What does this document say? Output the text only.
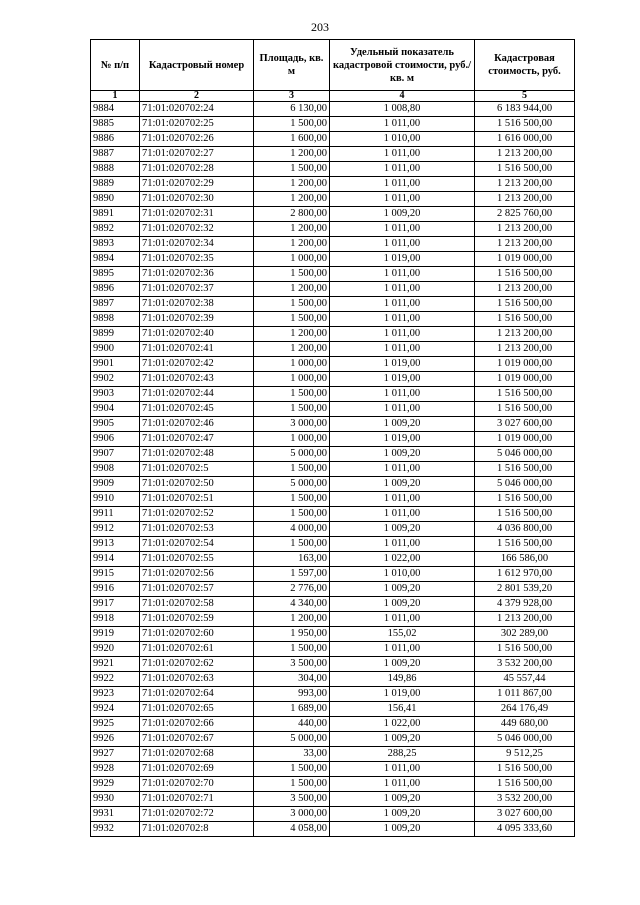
203
№ п/п	Кадастровый номер	Площадь, кв. м	Удельный показатель кадастровой стоимости, руб./кв. м	Кадастровая стоимость, руб.
1	2	3	4	5
9884	71:01:020702:24	6 130,00	1 008,80	6 183 944,00
9885	71:01:020702:25	1 500,00	1 011,00	1 516 500,00
9886	71:01:020702:26	1 600,00	1 010,00	1 616 000,00
9887	71:01:020702:27	1 200,00	1 011,00	1 213 200,00
9888	71:01:020702:28	1 500,00	1 011,00	1 516 500,00
9889	71:01:020702:29	1 200,00	1 011,00	1 213 200,00
9890	71:01:020702:30	1 200,00	1 011,00	1 213 200,00
9891	71:01:020702:31	2 800,00	1 009,20	2 825 760,00
9892	71:01:020702:32	1 200,00	1 011,00	1 213 200,00
9893	71:01:020702:34	1 200,00	1 011,00	1 213 200,00
9894	71:01:020702:35	1 000,00	1 019,00	1 019 000,00
9895	71:01:020702:36	1 500,00	1 011,00	1 516 500,00
9896	71:01:020702:37	1 200,00	1 011,00	1 213 200,00
9897	71:01:020702:38	1 500,00	1 011,00	1 516 500,00
9898	71:01:020702:39	1 500,00	1 011,00	1 516 500,00
9899	71:01:020702:40	1 200,00	1 011,00	1 213 200,00
9900	71:01:020702:41	1 200,00	1 011,00	1 213 200,00
9901	71:01:020702:42	1 000,00	1 019,00	1 019 000,00
9902	71:01:020702:43	1 000,00	1 019,00	1 019 000,00
9903	71:01:020702:44	1 500,00	1 011,00	1 516 500,00
9904	71:01:020702:45	1 500,00	1 011,00	1 516 500,00
9905	71:01:020702:46	3 000,00	1 009,20	3 027 600,00
9906	71:01:020702:47	1 000,00	1 019,00	1 019 000,00
9907	71:01:020702:48	5 000,00	1 009,20	5 046 000,00
9908	71:01:020702:5	1 500,00	1 011,00	1 516 500,00
9909	71:01:020702:50	5 000,00	1 009,20	5 046 000,00
9910	71:01:020702:51	1 500,00	1 011,00	1 516 500,00
9911	71:01:020702:52	1 500,00	1 011,00	1 516 500,00
9912	71:01:020702:53	4 000,00	1 009,20	4 036 800,00
9913	71:01:020702:54	1 500,00	1 011,00	1 516 500,00
9914	71:01:020702:55	163,00	1 022,00	166 586,00
9915	71:01:020702:56	1 597,00	1 010,00	1 612 970,00
9916	71:01:020702:57	2 776,00	1 009,20	2 801 539,20
9917	71:01:020702:58	4 340,00	1 009,20	4 379 928,00
9918	71:01:020702:59	1 200,00	1 011,00	1 213 200,00
9919	71:01:020702:60	1 950,00	155,02	302 289,00
9920	71:01:020702:61	1 500,00	1 011,00	1 516 500,00
9921	71:01:020702:62	3 500,00	1 009,20	3 532 200,00
9922	71:01:020702:63	304,00	149,86	45 557,44
9923	71:01:020702:64	993,00	1 019,00	1 011 867,00
9924	71:01:020702:65	1 689,00	156,41	264 176,49
9925	71:01:020702:66	440,00	1 022,00	449 680,00
9926	71:01:020702:67	5 000,00	1 009,20	5 046 000,00
9927	71:01:020702:68	33,00	288,25	9 512,25
9928	71:01:020702:69	1 500,00	1 011,00	1 516 500,00
9929	71:01:020702:70	1 500,00	1 011,00	1 516 500,00
9930	71:01:020702:71	3 500,00	1 009,20	3 532 200,00
9931	71:01:020702:72	3 000,00	1 009,20	3 027 600,00
9932	71:01:020702:8	4 058,00	1 009,20	4 095 333,60
